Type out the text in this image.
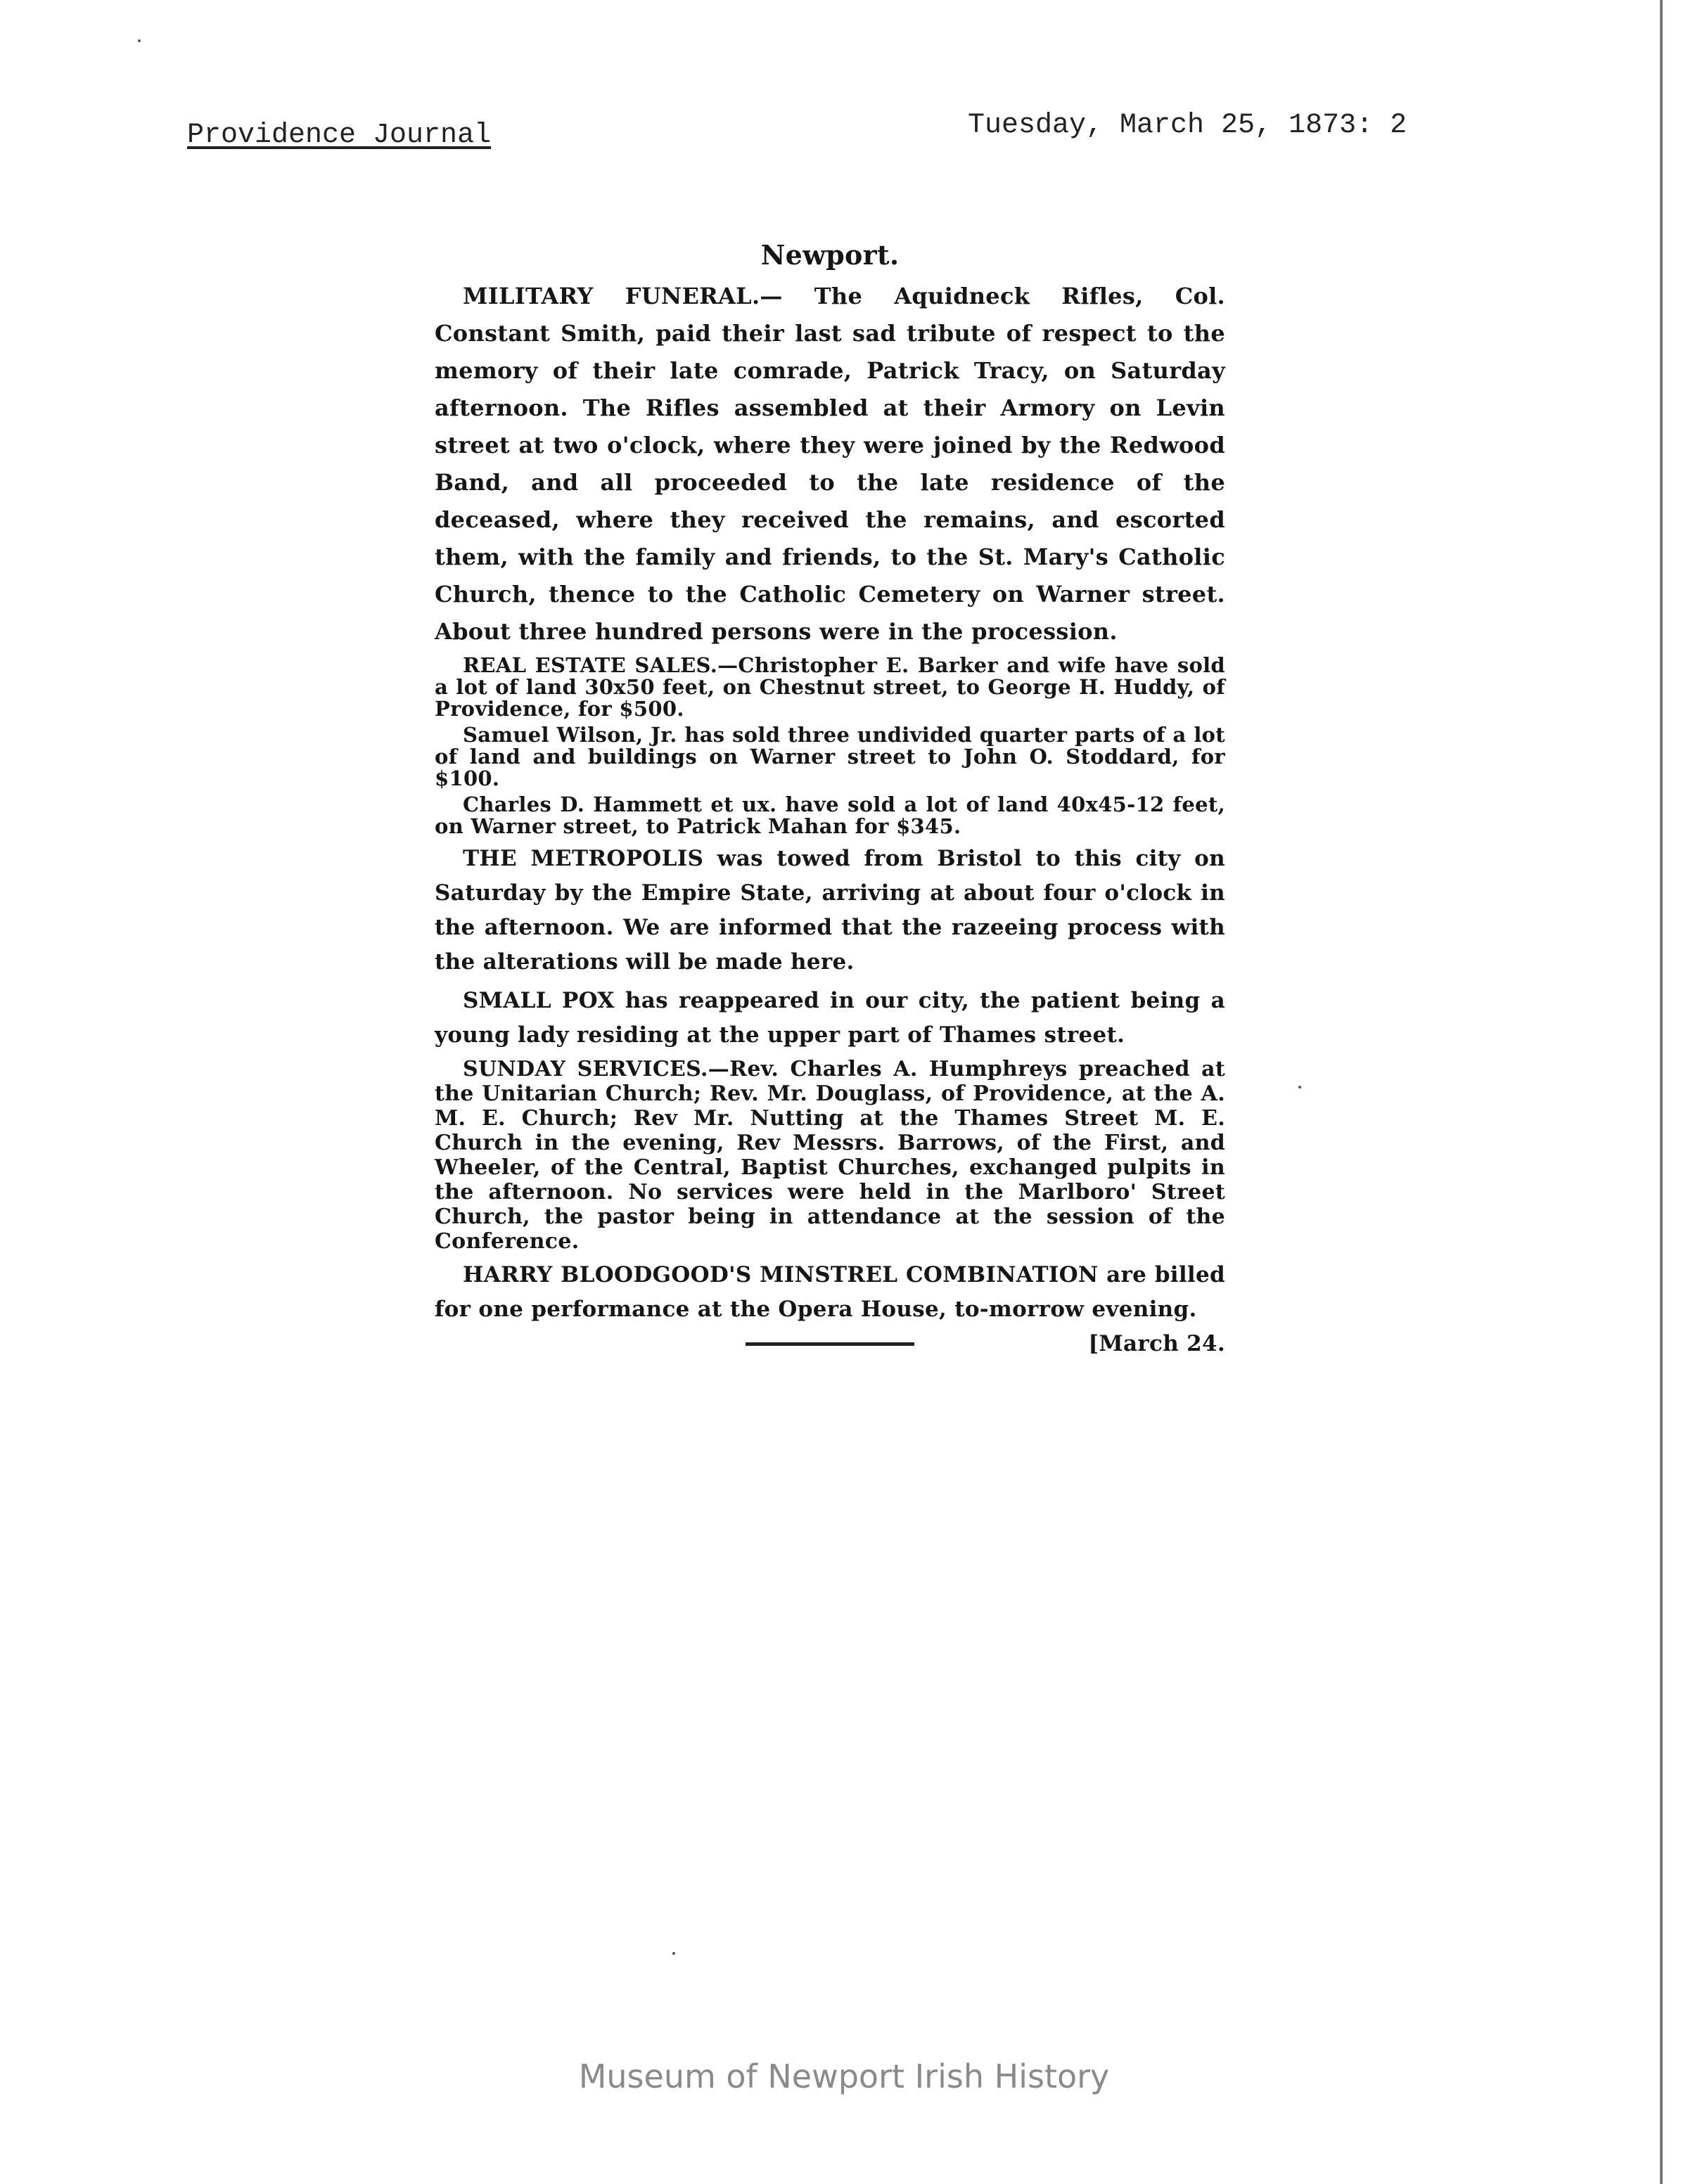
Providence Journal	Tuesday, March 25, 1873: 2
Newport.

MILITARY FUNERAL.— The Aquidneck Rifles, Col. Constant Smith, paid their last sad tribute of respect to the memory of their late comrade, Patrick Tracy, on Saturday afternoon. The Rifles assembled at their Armory on Levin street at two o'clock, where they were joined by the Redwood Band, and all proceeded to the late residence of the deceased, where they received the remains, and escorted them, with the family and friends, to the St. Mary's Catholic Church, thence to the Catholic Cemetery on Warner street. About three hundred persons were in the procession.

REAL ESTATE SALES.—Christopher E. Barker and wife have sold a lot of land 30x50 feet, on Chestnut street, to George H. Huddy, of Providence, for $500.

Samuel Wilson, Jr. has sold three undivided quarter parts of a lot of land and buildings on Warner street to John O. Stoddard, for $100.

Charles D. Hammett et ux. have sold a lot of land 40x45-12 feet, on Warner street, to Patrick Mahan for $345.

THE METROPOLIS was towed from Bristol to this city on Saturday by the Empire State, arriving at about four o'clock in the afternoon. We are informed that the razeeing process with the alterations will be made here.

SMALL POX has reappeared in our city, the patient being a young lady residing at the upper part of Thames street.

SUNDAY SERVICES.—Rev. Charles A. Humphreys preached at the Unitarian Church; Rev. Mr. Douglass, of Providence, at the A. M. E. Church; Rev Mr. Nutting at the Thames Street M. E. Church in the evening, Rev Messrs. Barrows, of the First, and Wheeler, of the Central, Baptist Churches, exchanged pulpits in the afternoon. No services were held in the Marlboro' Street Church, the pastor being in attendance at the session of the Conference.

HARRY BLOODGOOD'S MINSTREL COMBINATION are billed for one performance at the Opera House, to-morrow evening.
[March 24.

Museum of Newport Irish History
